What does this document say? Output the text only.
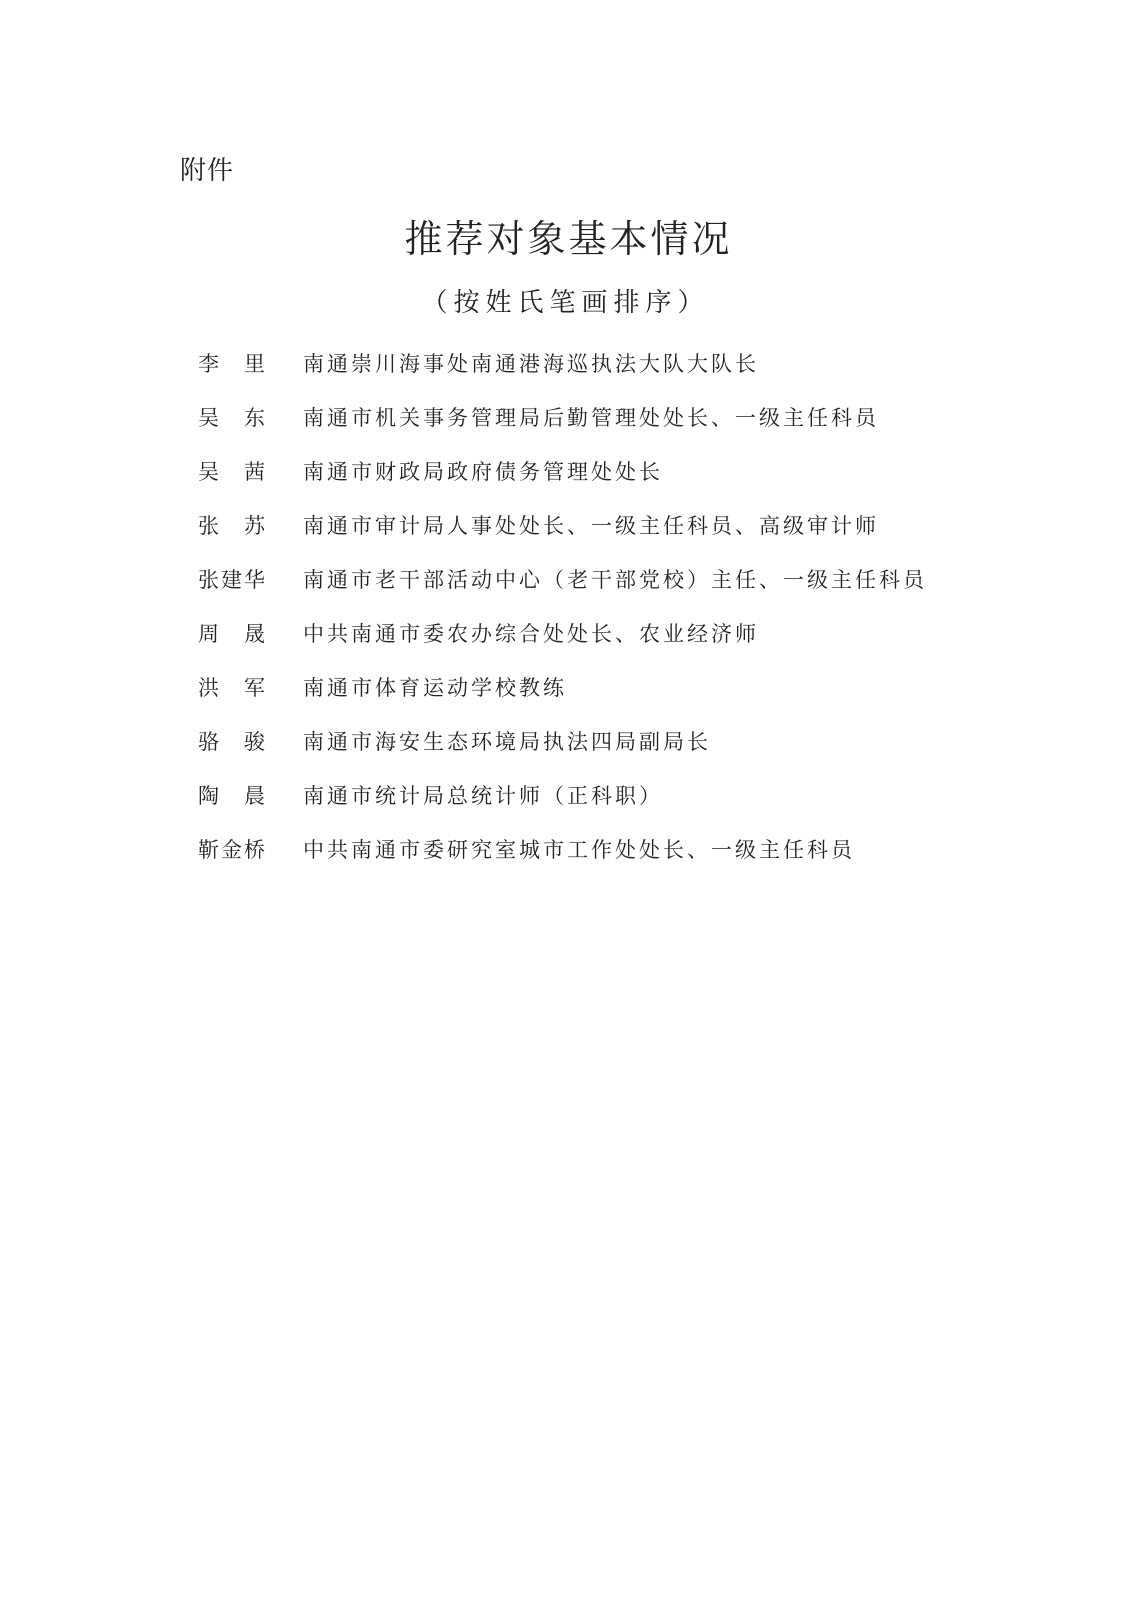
附件
推荐对象基本情况
（按姓氏笔画排序）
李　里	南通崇川海事处南通港海巡执法大队大队长
吴　东	南通市机关事务管理局后勤管理处处长、一级主任科员
吴　茜	南通市财政局政府债务管理处处长
张　苏	南通市审计局人事处处长、一级主任科员、高级审计师
张建华	南通市老干部活动中心（老干部党校）主任、一级主任科员
周　晟	中共南通市委农办综合处处长、农业经济师
洪　军	南通市体育运动学校教练
骆　骏	南通市海安生态环境局执法四局副局长
陶　晨	南通市统计局总统计师（正科职）
靳金桥	中共南通市委研究室城市工作处处长、一级主任科员
